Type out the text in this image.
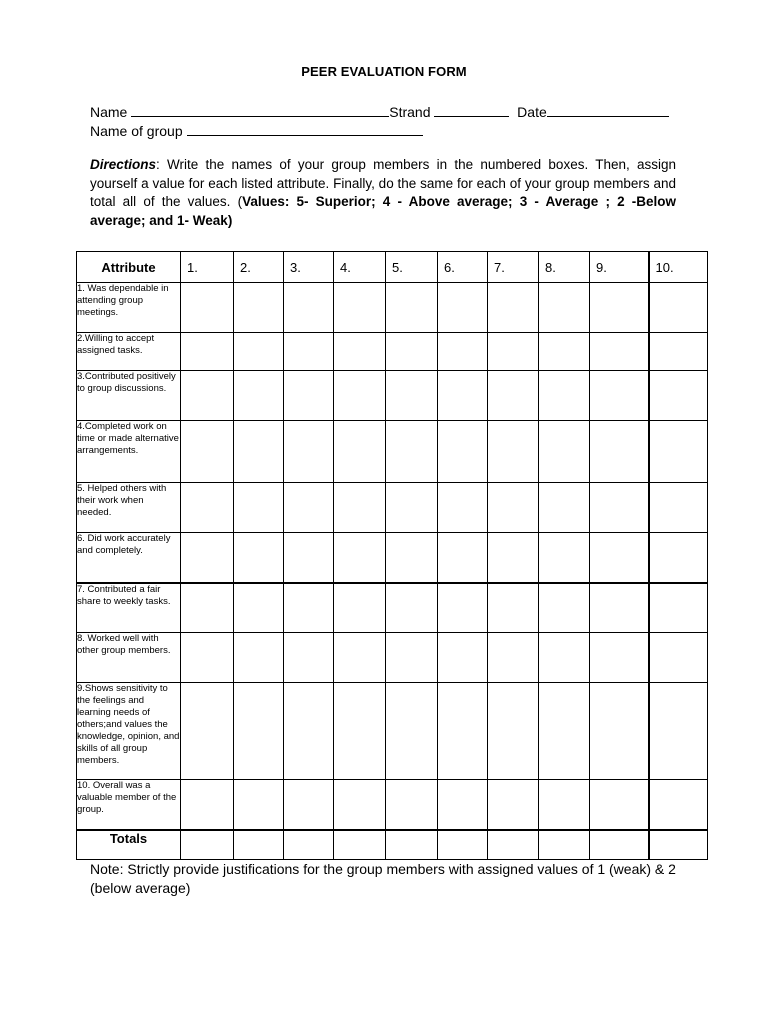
PEER EVALUATION FORM
Name	Strand	Date
Name of group
Directions: Write the names of your group members in the numbered boxes. Then, assign yourself a value for each listed attribute. Finally, do the same for each of your group members and total all of the values. (Values: 5- Superior; 4 - Above average; 3 - Average ; 2 -Below average; and 1- Weak)
Attribute	1.	2.	3.	4.	5.	6.	7.	8.	9.	10.
1. Was dependable in attending group meetings.										
2.Willing to accept assigned tasks.										
3.Contributed positively to group discussions.										
4.Completed work on time or made alternative arrangements.										
5. Helped others with their work when needed.										
6. Did work accurately and completely.										
7. Contributed a fair share to weekly tasks.										
8. Worked well with other group members.										
9.Shows sensitivity to the feelings and learning needs of others;and values the knowledge, opinion, and skills of all group members.										
10. Overall was a valuable member of the group.										
Totals										
Note: Strictly provide justifications for the group members with assigned values of 1 (weak) & 2 (below average)
